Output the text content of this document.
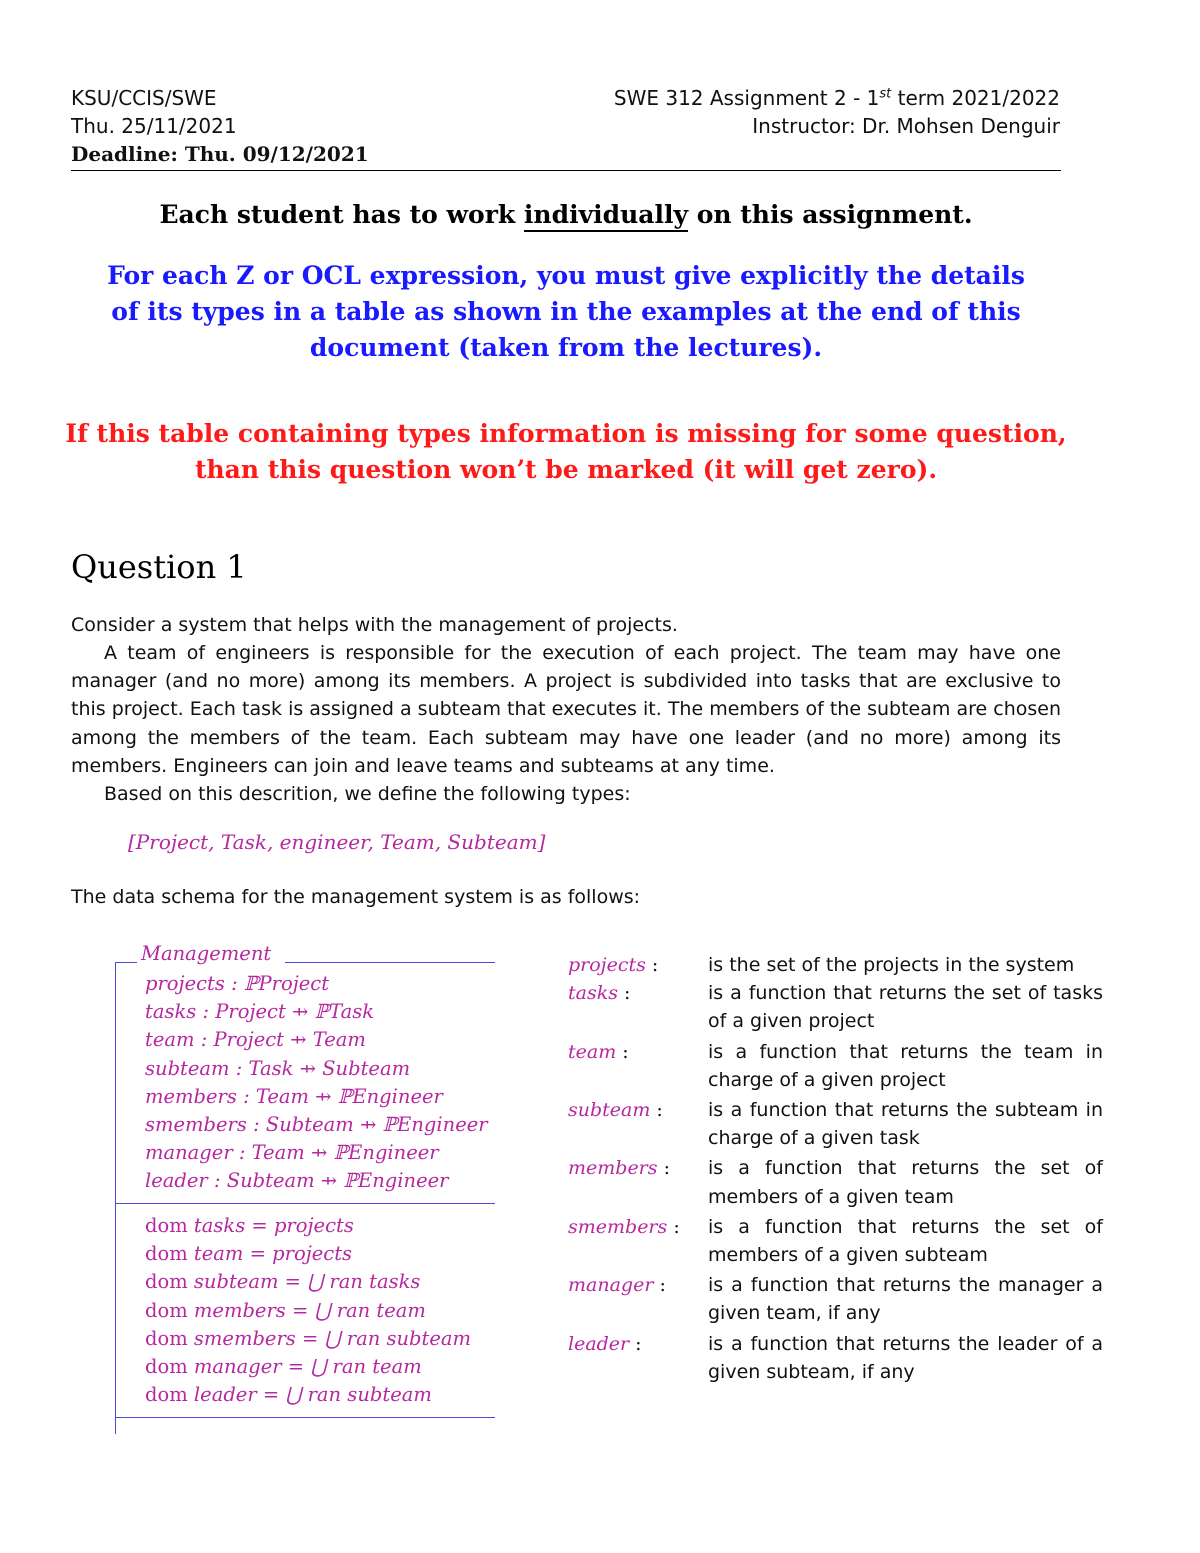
KSU/CCIS/SWE
Thu. 25/11/2021
Deadline: Thu. 09/12/2021
SWE 312 Assignment 2 - 1st term 2021/2022
Instructor: Dr. Mohsen Denguir
Each student has to work individually on this assignment.
For each Z or OCL expression, you must give explicitly the details of its types in a table as shown in the examples at the end of this document (taken from the lectures).
If this table containing types information is missing for some question, than this question won’t be marked (it will get zero).
Question 1
Consider a system that helps with the management of projects.
A team of engineers is responsible for the execution of each project. The team may have one manager (and no more) among its members. A project is subdivided into tasks that are exclusive to this project. Each task is assigned a subteam that executes it. The members of the subteam are chosen among the members of the team. Each subteam may have one leader (and no more) among its members. Engineers can join and leave teams and subteams at any time.
Based on this descrition, we define the following types:
[Project, Task, engineer, Team, Subteam]
The data schema for the management system is as follows:
Management
projects : ℙProject
tasks : Project ⇸ ℙTask
team : Project ⇸ Team
subteam : Task ⇸ Subteam
members : Team ⇸ ℙEngineer
smembers : Subteam ⇸ ℙEngineer
manager : Team ⇸ ℙEngineer
leader : Subteam ⇸ ℙEngineer
dom tasks = projects
dom team = projects
dom subteam = ⋃ ran tasks
dom members = ⋃ ran team
dom smembers = ⋃ ran subteam
dom manager = ⋃ ran team
dom leader = ⋃ ran subteam
projects :	is the set of the projects in the system
tasks :	is a function that returns the set of tasks of a given project
team :	is a function that returns the team in charge of a given project
subteam :	is a function that returns the subteam in charge of a given task
members :	is a function that returns the set of members of a given team
smembers :	is a function that returns the set of members of a given subteam
manager :	is a function that returns the manager a given team, if any
leader :	is a function that returns the leader of a given subteam, if any
